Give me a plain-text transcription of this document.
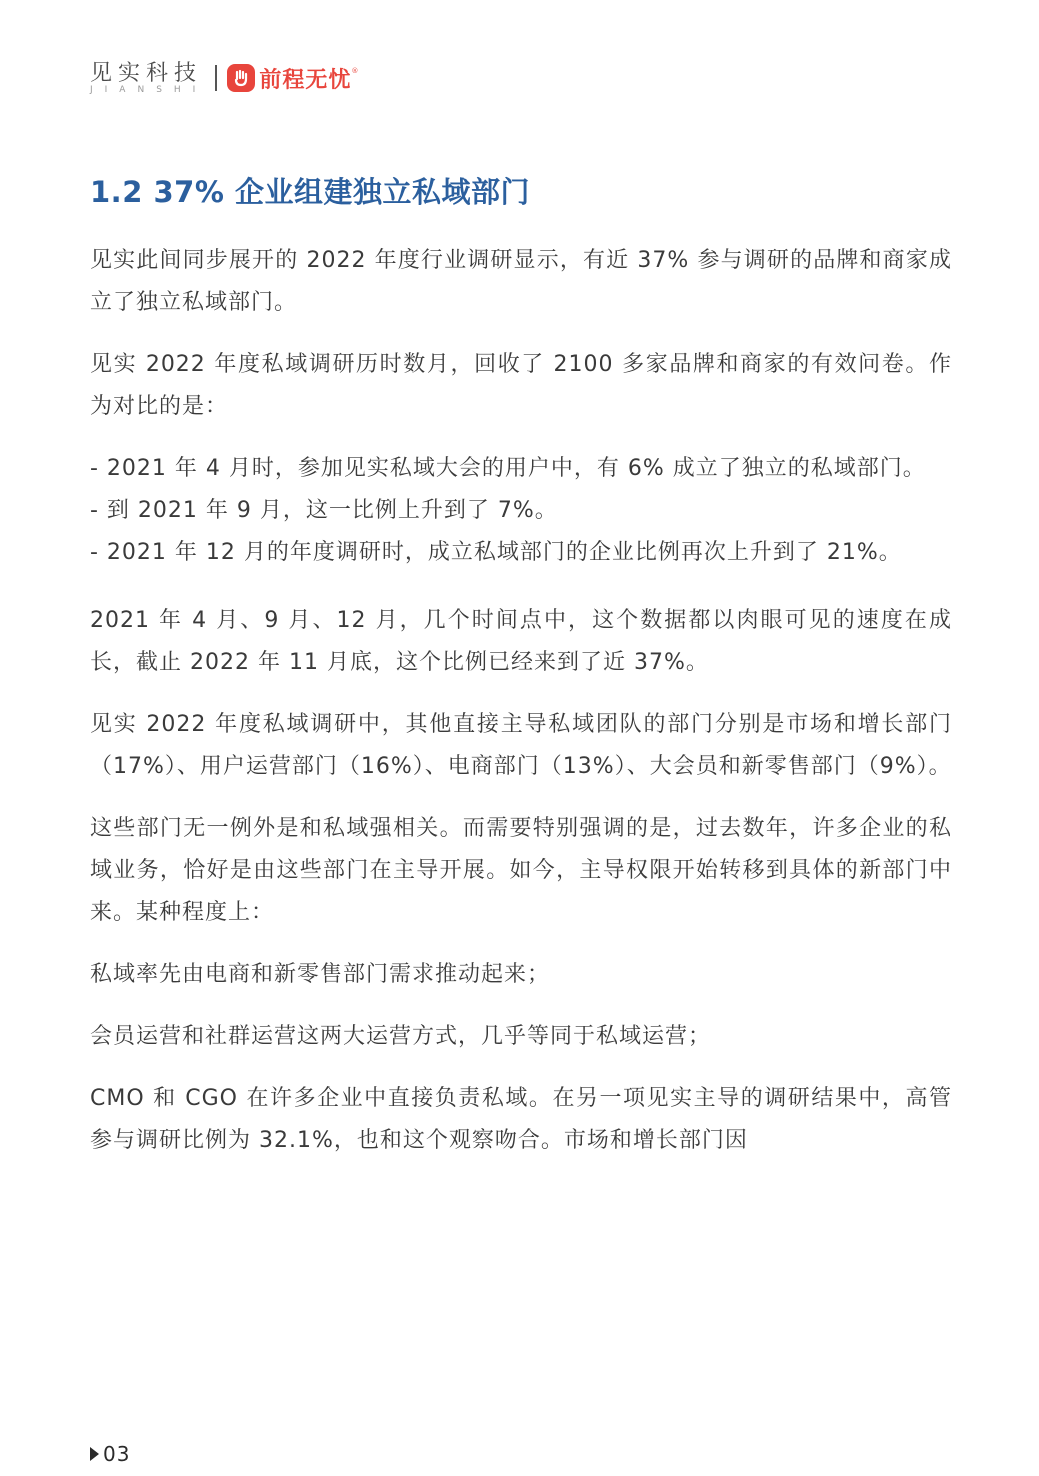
见实科技
JIANSHI 前程无忧 ®
1.2 37% 企业组建独立私域部门

见实此间同步展开的 2022 年度行业调研显示，有近 37% 参与调研的品牌和商家成立了独立私域部门。

见实 2022 年度私域调研历时数月，回收了 2100 多家品牌和商家的有效问卷。作为对比的是：

- 2021 年 4 月时，参加见实私域大会的用户中，有 6% 成立了独立的私域部门。

- 到 2021 年 9 月，这一比例上升到了 7%。

- 2021 年 12 月的年度调研时，成立私域部门的企业比例再次上升到了 21%。

2021 年 4 月、9 月、12 月，几个时间点中，这个数据都以肉眼可见的速度在成长，截止 2022 年 11 月底，这个比例已经来到了近 37%。

见实 2022 年度私域调研中，其他直接主导私域团队的部门分别是市场和增长部门（17%）、用户运营部门（16%）、电商部门（13%）、大会员和新零售部门（9%）。

这些部门无一例外是和私域强相关。而需要特别强调的是，过去数年，许多企业的私域业务，恰好是由这些部门在主导开展。如今，主导权限开始转移到具体的新部门中来。某种程度上：

私域率先由电商和新零售部门需求推动起来；

会员运营和社群运营这两大运营方式，几乎等同于私域运营；

CMO 和 CGO 在许多企业中直接负责私域。在另一项见实主导的调研结果中，高管参与调研比例为 32.1%，也和这个观察吻合。市场和增长部门因

03
